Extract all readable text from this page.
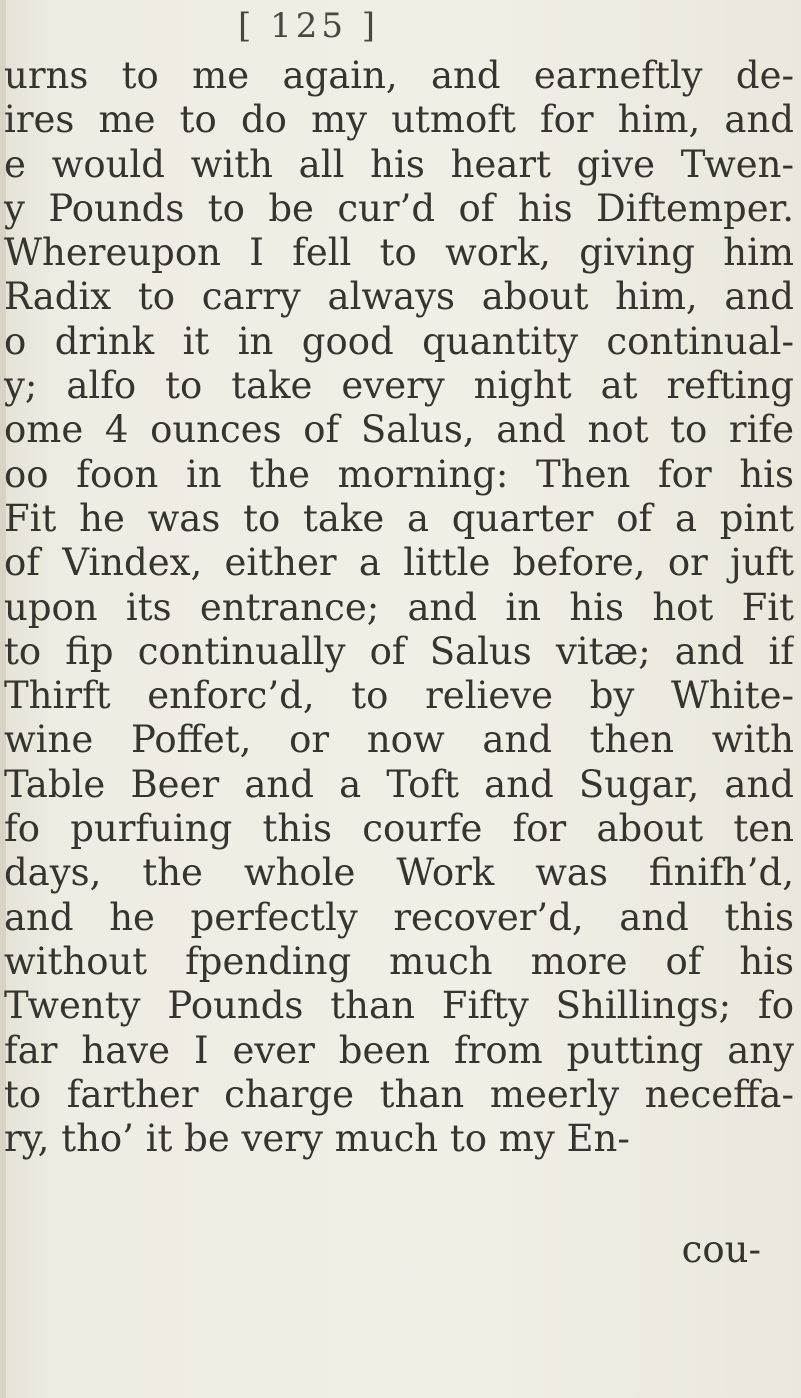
[ 125 ]
urns to me again, and earneftly de-
ires me to do my utmoft for him, and
e would with all his heart give Twen-
y Pounds to be cur’d of his Diftemper.
Whereupon I fell to work, giving him
Radix to carry always about him, and
o drink it in good quantity continual-
y; alfo to take every night at refting
ome 4 ounces of Salus, and not to rife
oo foon in the morning: Then for his
Fit he was to take a quarter of a pint
of Vindex, either a little before, or juft
upon its entrance; and in his hot Fit
to fip continually of Salus vitæ; and if
Thirft enforc’d, to relieve by White-
wine Poffet, or now and then with
Table Beer and a Toft and Sugar, and
fo purfuing this courfe for about ten
days, the whole Work was finifh’d,
and he perfectly recover’d, and this
without fpending much more of his
Twenty Pounds than Fifty Shillings; fo
far have I ever been from putting any
to farther charge than meerly neceffa-
ry, tho’ it be very much to my En-
cou-
